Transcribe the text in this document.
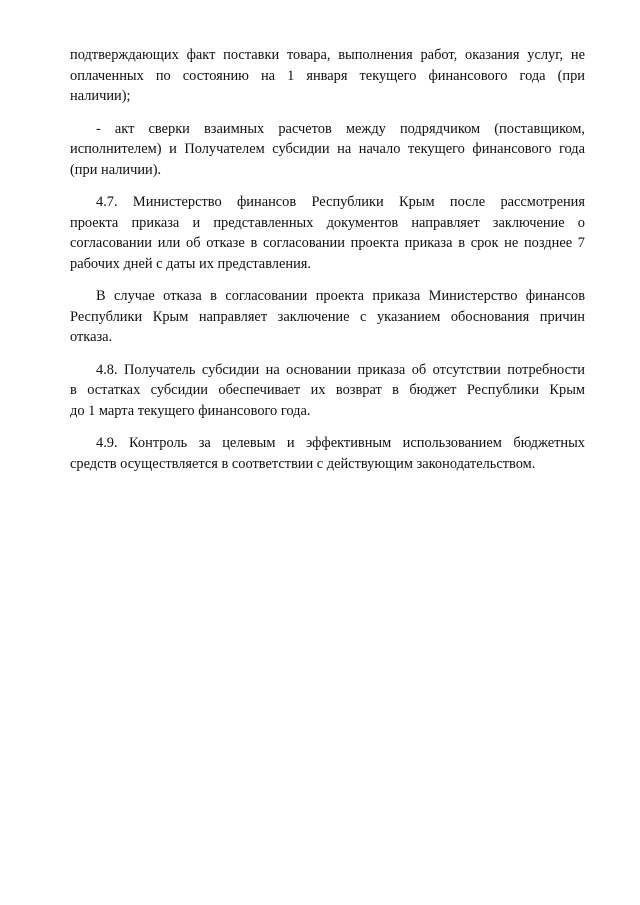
подтверждающих факт поставки товара, выполнения работ, оказания услуг, не
оплаченных по состоянию на 1 января текущего финансового года (при
наличии);

- акт сверки взаимных расчетов между подрядчиком (поставщиком,
исполнителем) и Получателем субсидии на начало текущего финансового года
(при наличии).

4.7. Министерство финансов Республики Крым после рассмотрения
проекта приказа и представленных документов направляет заключение о
согласовании или об отказе в согласовании проекта приказа в срок не позднее 7
рабочих дней с даты их представления.

В случае отказа в согласовании проекта приказа Министерство финансов
Республики Крым направляет заключение с указанием обоснования причин
отказа.

4.8. Получатель субсидии на основании приказа об отсутствии потребности
в остатках субсидии обеспечивает их возврат в бюджет Республики Крым
до 1 марта текущего финансового года.

4.9. Контроль за целевым и эффективным использованием бюджетных
средств осуществляется в соответствии с действующим законодательством.
